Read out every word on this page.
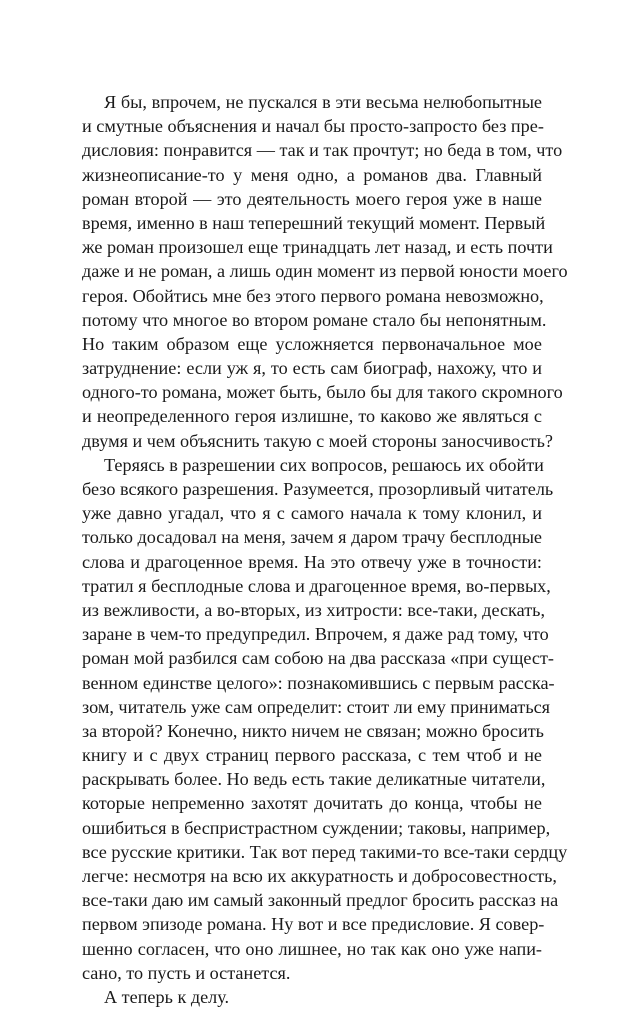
Я бы, впрочем, не пускался в эти весьма нелюбопытные
и смутные объяснения и начал бы просто-запросто без пре-
дисловия: понравится — так и так прочтут; но беда в том, что
жизнеописание-то у меня одно, а романов два. Главный
роман второй — это деятельность моего героя уже в наше
время, именно в наш теперешний текущий момент. Первый
же роман произошел еще тринадцать лет назад, и есть почти
даже и не роман, а лишь один момент из первой юности моего
героя. Обойтись мне без этого первого романа невозможно,
потому что многое во втором романе стало бы непонятным.
Но таким образом еще усложняется первоначальное мое
затруднение: если уж я, то есть сам биограф, нахожу, что и
одного-то романа, может быть, было бы для такого скромного
и неопределенного героя излишне, то каково же являться с
двумя и чем объяснить такую с моей стороны заносчивость?
Теряясь в разрешении сих вопросов, решаюсь их обойти
безо всякого разрешения. Разумеется, прозорливый читатель
уже давно угадал, что я с самого начала к тому клонил, и
только досадовал на меня, зачем я даром трачу бесплодные
слова и драгоценное время. На это отвечу уже в точности:
тратил я бесплодные слова и драгоценное время, во-первых,
из вежливости, а во-вторых, из хитрости: все-таки, дескать,
заране в чем-то предупредил. Впрочем, я даже рад тому, что
роман мой разбился сам собою на два рассказа «при сущест-
венном единстве целого»: познакомившись с первым расска-
зом, читатель уже сам определит: стоит ли ему приниматься
за второй? Конечно, никто ничем не связан; можно бросить
книгу и с двух страниц первого рассказа, с тем чтоб и не
раскрывать более. Но ведь есть такие деликатные читатели,
которые непременно захотят дочитать до конца, чтобы не
ошибиться в беспристрастном суждении; таковы, например,
все русские критики. Так вот перед такими-то все-таки сердцу
легче: несмотря на всю их аккуратность и добросовестность,
все-таки даю им самый законный предлог бросить рассказ на
первом эпизоде романа. Ну вот и все предисловие. Я совер-
шенно согласен, что оно лишнее, но так как оно уже напи-
сано, то пусть и останется.
А теперь к делу.
